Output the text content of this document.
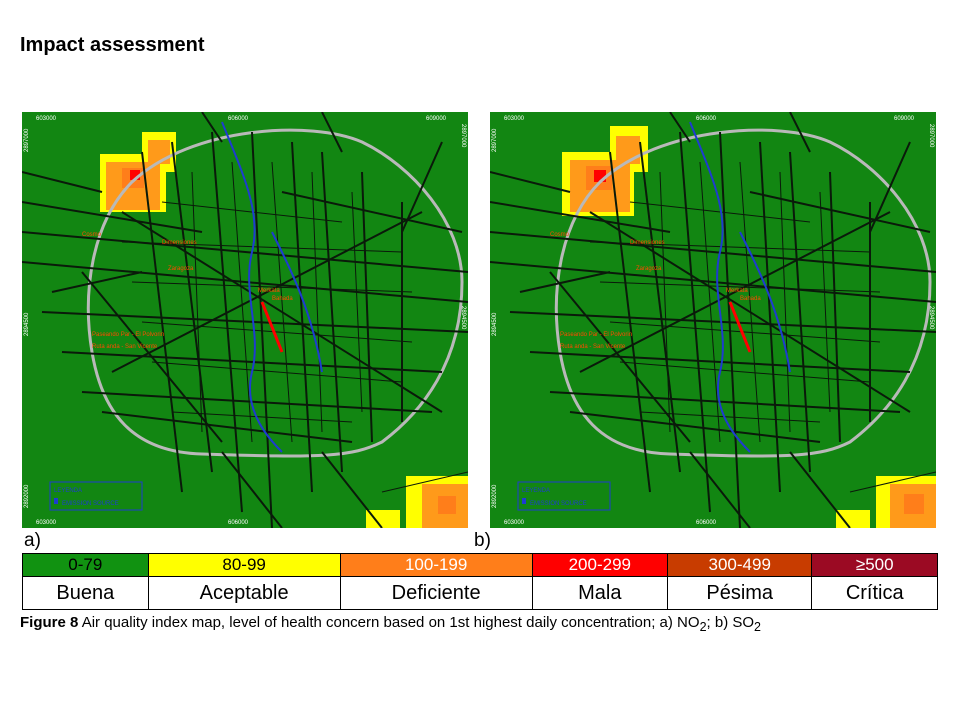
Impact assessment
603000	606000	609000
603000	606000
2897000
2894500
2892000
2897000
2894500
Cosmo
Dimensiones
Zaragoza
Merkata
Bahada
Paseando Par - El Polvorin
Ruta anda - San Vicente
LEYENDA
EMISSION SOURCE
603000	606000	609000
603000	606000
2897000
2894500
2892000
2897000
2894500
Cosmo
Dimensiones
Zaragoza
Merkata
Bahada
Paseando Par - El Polvorin
Ruta anda - San Vicente
LEYENDA
EMISSION SOURCE
a)	b)
0-79	80-99	100-199	200-299	300-499	≥500
Buena	Aceptable	Deficiente	Mala	Pésima	Crítica
Figure 8 Air quality index map, level of health concern based on 1st highest daily concentration; a) $NO_2$; b) $SO_2$
